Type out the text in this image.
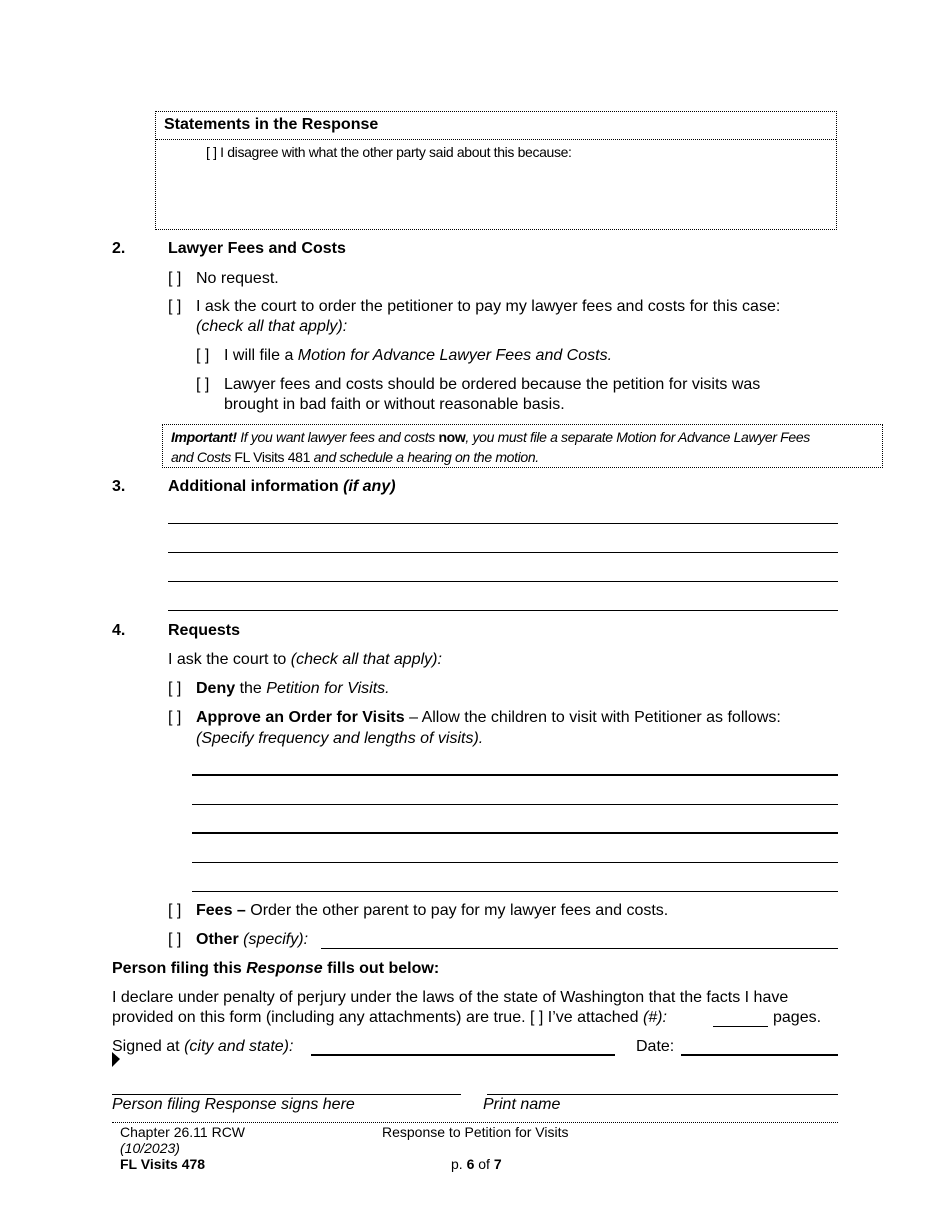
Statements in the Response
[ ] I disagree with what the other party said about this because:
2.	Lawyer Fees and Costs
[ ] No request.
[ ] I ask the court to order the petitioner to pay my lawyer fees and costs for this case:
(check all that apply):
[ ] I will file a Motion for Advance Lawyer Fees and Costs.
[ ] Lawyer fees and costs should be ordered because the petition for visits was
brought in bad faith or without reasonable basis.
Important! If you want lawyer fees and costs now, you must file a separate Motion for Advance Lawyer Fees
and Costs FL Visits 481 and schedule a hearing on the motion.
3.	Additional information (if any)
4.	Requests
I ask the court to (check all that apply):
[ ] Deny the Petition for Visits.
[ ] Approve an Order for Visits – Allow the children to visit with Petitioner as follows:
(Specify frequency and lengths of visits).
[ ] Fees – Order the other parent to pay for my lawyer fees and costs.
[ ] Other (specify):
Person filing this Response fills out below:
I declare under penalty of perjury under the laws of the state of Washington that the facts I have
provided on this form (including any attachments) are true. [ ] I’ve attached (#):	pages.
Signed at (city and state):	Date:
Person filing Response signs here	Print name
Chapter 26.11 RCW
(10/2023)
FL Visits 478
Response to Petition for Visits
p. 6 of 7
